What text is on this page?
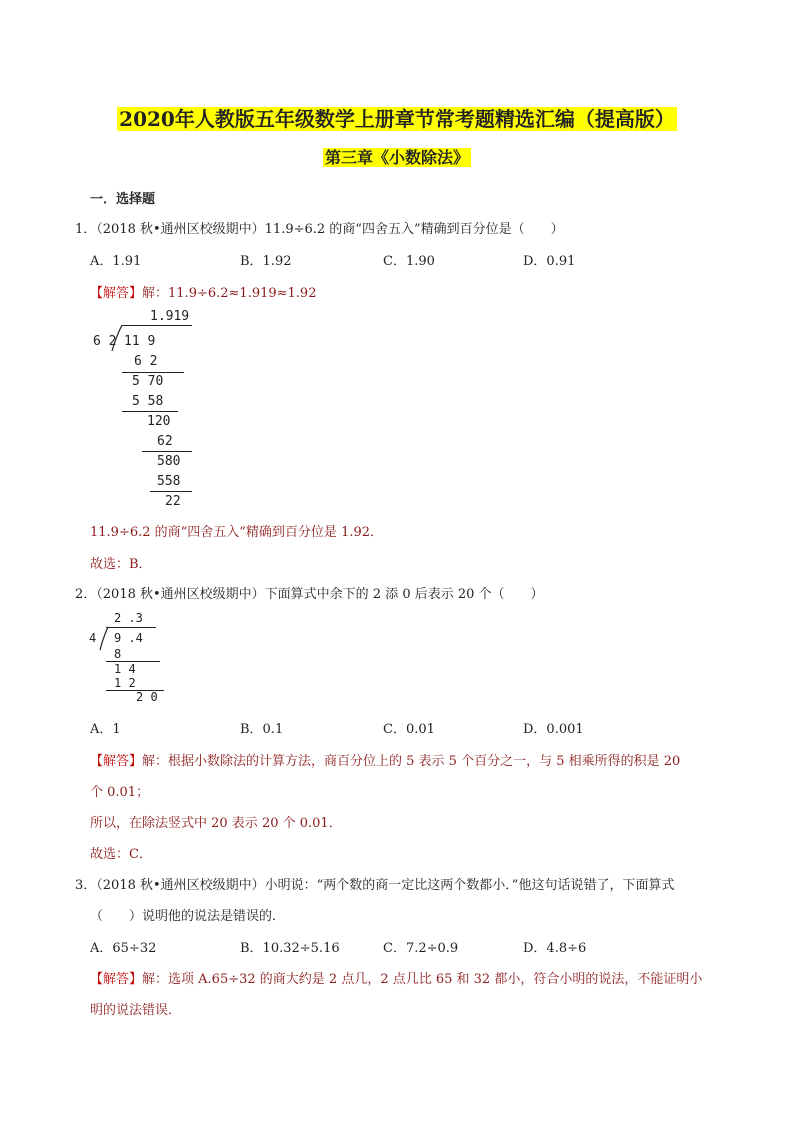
2020年人教版五年级数学上册章节常考题精选汇编（提高版）
第三章《小数除法》
一．选择题
1．（2018 秋•通州区校级期中）11.9÷6.2 的商“四舍五入”精确到百分位是（　　）
A．1.91	B．1.92	C．1.90	D．0.91
【解答】解：11.9÷6.2≈1.919≈1.92
1.919
6 2 11 9
6 2
5 70
5 58
120
62
580
558
22
11.9÷6.2 的商“四舍五入”精确到百分位是 1.92．
故选：B．
2．（2018 秋•通州区校级期中）下面算式中余下的 2 添 0 后表示 20 个（　　）
2 .3
4 9 .4
8
1 4
1 2
2 0
A．1	B．0.1	C．0.01	D．0.001
【解答】解：根据小数除法的计算方法，商百分位上的 5 表示 5 个百分之一，与 5 相乘所得的积是 20
个 0.01；
所以，在除法竖式中 20 表示 20 个 0.01．
故选：C．
3．（2018 秋•通州区校级期中）小明说：“两个数的商一定比这两个数都小．”他这句话说错了，下面算式
（　　）说明他的说法是错误的．
A．65÷32	B．10.32÷5.16	C．7.2÷0.9	D．4.8÷6
【解答】解：选项 A.65÷32 的商大约是 2 点几，2 点几比 65 和 32 都小，符合小明的说法，不能证明小
明的说法错误．
